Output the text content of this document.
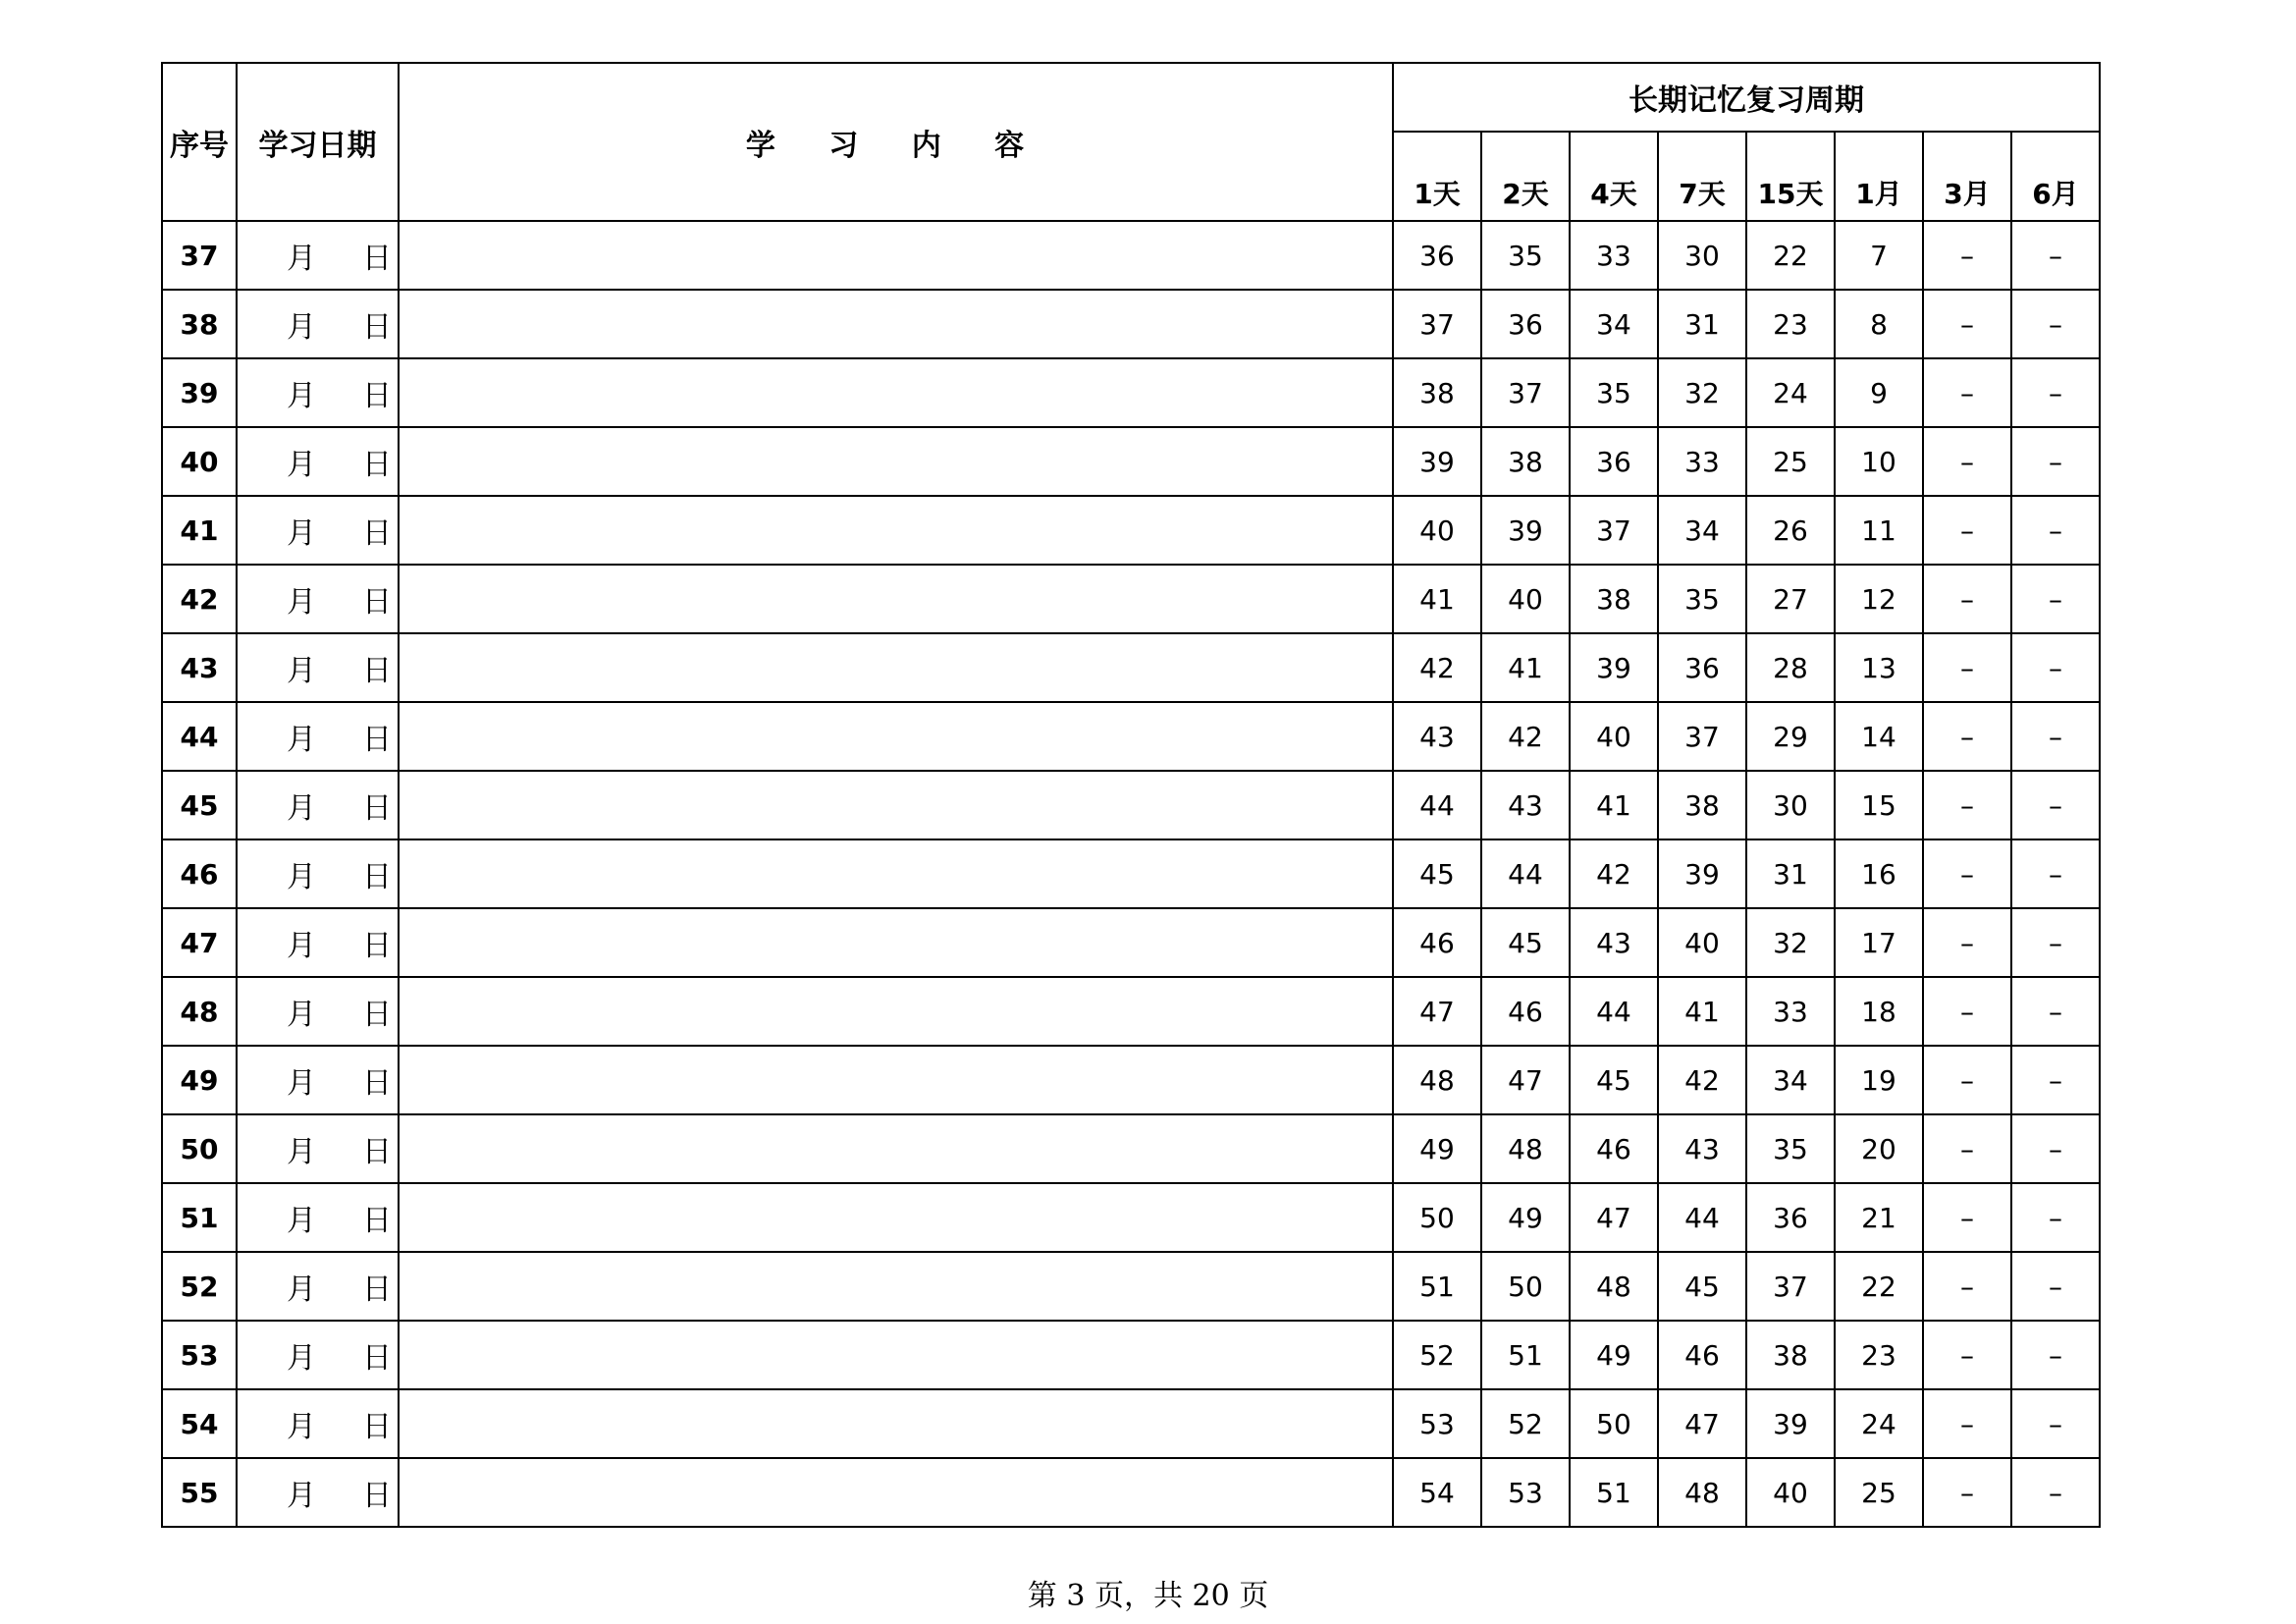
序号	学习日期	学 习 内 容	长期记忆复习周期							
			1天	2天	4天	7天	15天	1月	3月	6月
37	月 日		36	35	33	30	22	7	–	–
38	月 日		37	36	34	31	23	8	–	–
39	月 日		38	37	35	32	24	9	–	–
40	月 日		39	38	36	33	25	10	–	–
41	月 日		40	39	37	34	26	11	–	–
42	月 日		41	40	38	35	27	12	–	–
43	月 日		42	41	39	36	28	13	–	–
44	月 日		43	42	40	37	29	14	–	–
45	月 日		44	43	41	38	30	15	–	–
46	月 日		45	44	42	39	31	16	–	–
47	月 日		46	45	43	40	32	17	–	–
48	月 日		47	46	44	41	33	18	–	–
49	月 日		48	47	45	42	34	19	–	–
50	月 日		49	48	46	43	35	20	–	–
51	月 日		50	49	47	44	36	21	–	–
52	月 日		51	50	48	45	37	22	–	–
53	月 日		52	51	49	46	38	23	–	–
54	月 日		53	52	50	47	39	24	–	–
55	月 日		54	53	51	48	40	25	–	–
第 3 页，共 20 页
